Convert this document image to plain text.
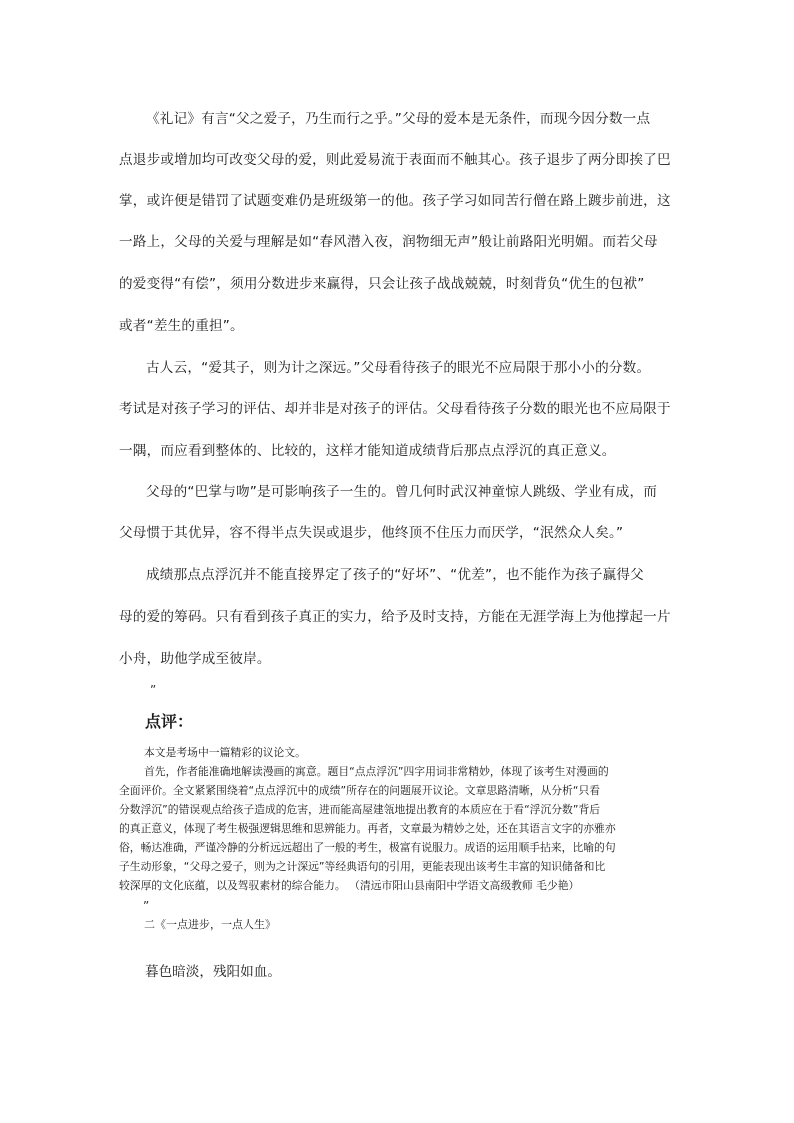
《礼记》有言“父之爱子，乃生而行之乎。”父母的爱本是无条件，而现今因分数一点
点退步或增加均可改变父母的爱，则此爱易流于表面而不触其心。孩子退步了两分即挨了巴
掌，或许便是错罚了试题变难仍是班级第一的他。孩子学习如同苦行僧在路上踱步前进，这
一路上，父母的关爱与理解是如“春风潜入夜，润物细无声”般让前路阳光明媚。而若父母
的爱变得“有偿”，须用分数进步来赢得，只会让孩子战战兢兢，时刻背负“优生的包袱”
或者“差生的重担”。
古人云，“爱其子，则为计之深远。”父母看待孩子的眼光不应局限于那小小的分数。
考试是对孩子学习的评估、却并非是对孩子的评估。父母看待孩子分数的眼光也不应局限于
一隅，而应看到整体的、比较的，这样才能知道成绩背后那点点浮沉的真正意义。
父母的“巴掌与吻”是可影响孩子一生的。曾几何时武汉神童惊人跳级、学业有成，而
父母惯于其优异，容不得半点失误或退步，他终顶不住压力而厌学，“泯然众人矣。”
成绩那点点浮沉并不能直接界定了孩子的“好坏”、“优差”，也不能作为孩子赢得父
母的爱的筹码。只有看到孩子真正的实力，给予及时支持，方能在无涯学海上为他撑起一片
小舟，助他学成至彼岸。
”
点评：
本文是考场中一篇精彩的议论文。
首先，作者能准确地解读漫画的寓意。题目“点点浮沉”四字用词非常精妙，体现了该考生对漫画的
全面评价。全文紧紧围绕着“点点浮沉中的成绩”所存在的问题展开议论。文章思路清晰，从分析“只看
分数浮沉”的错误观点给孩子造成的危害，进而能高屋建瓴地提出教育的本质应在于看“浮沉分数”背后
的真正意义，体现了考生极强逻辑思维和思辨能力。再者，文章最为精妙之处，还在其语言文字的亦雅亦
俗，畅达准确，严谨冷静的分析远远超出了一般的考生，极富有说服力。成语的运用顺手拈来，比喻的句
子生动形象，“父母之爱子，则为之计深远”等经典语句的引用，更能表现出该考生丰富的知识储备和比
较深厚的文化底蕴，以及驾驭素材的综合能力。 （清远市阳山县南阳中学语文高级教师 毛少艳）
”
二《一点进步，一点人生》
暮色暗淡，残阳如血。
